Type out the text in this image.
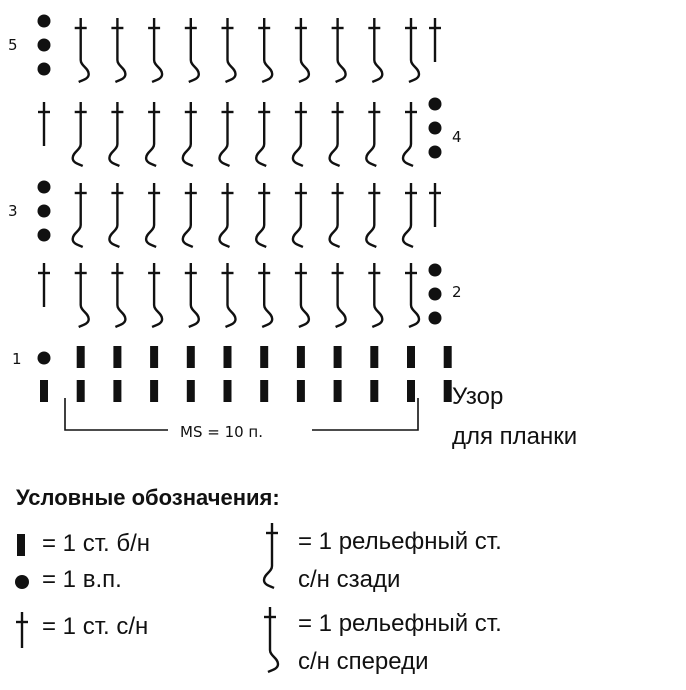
5
4
3
2
1
MS = 10 п.
Узор
для планки
Условные обозначения:
= 1 ст. б/н
= 1 в.п.
= 1 ст. с/н
= 1 рельефный ст.
с/н сзади
= 1 рельефный ст.
с/н спереди
